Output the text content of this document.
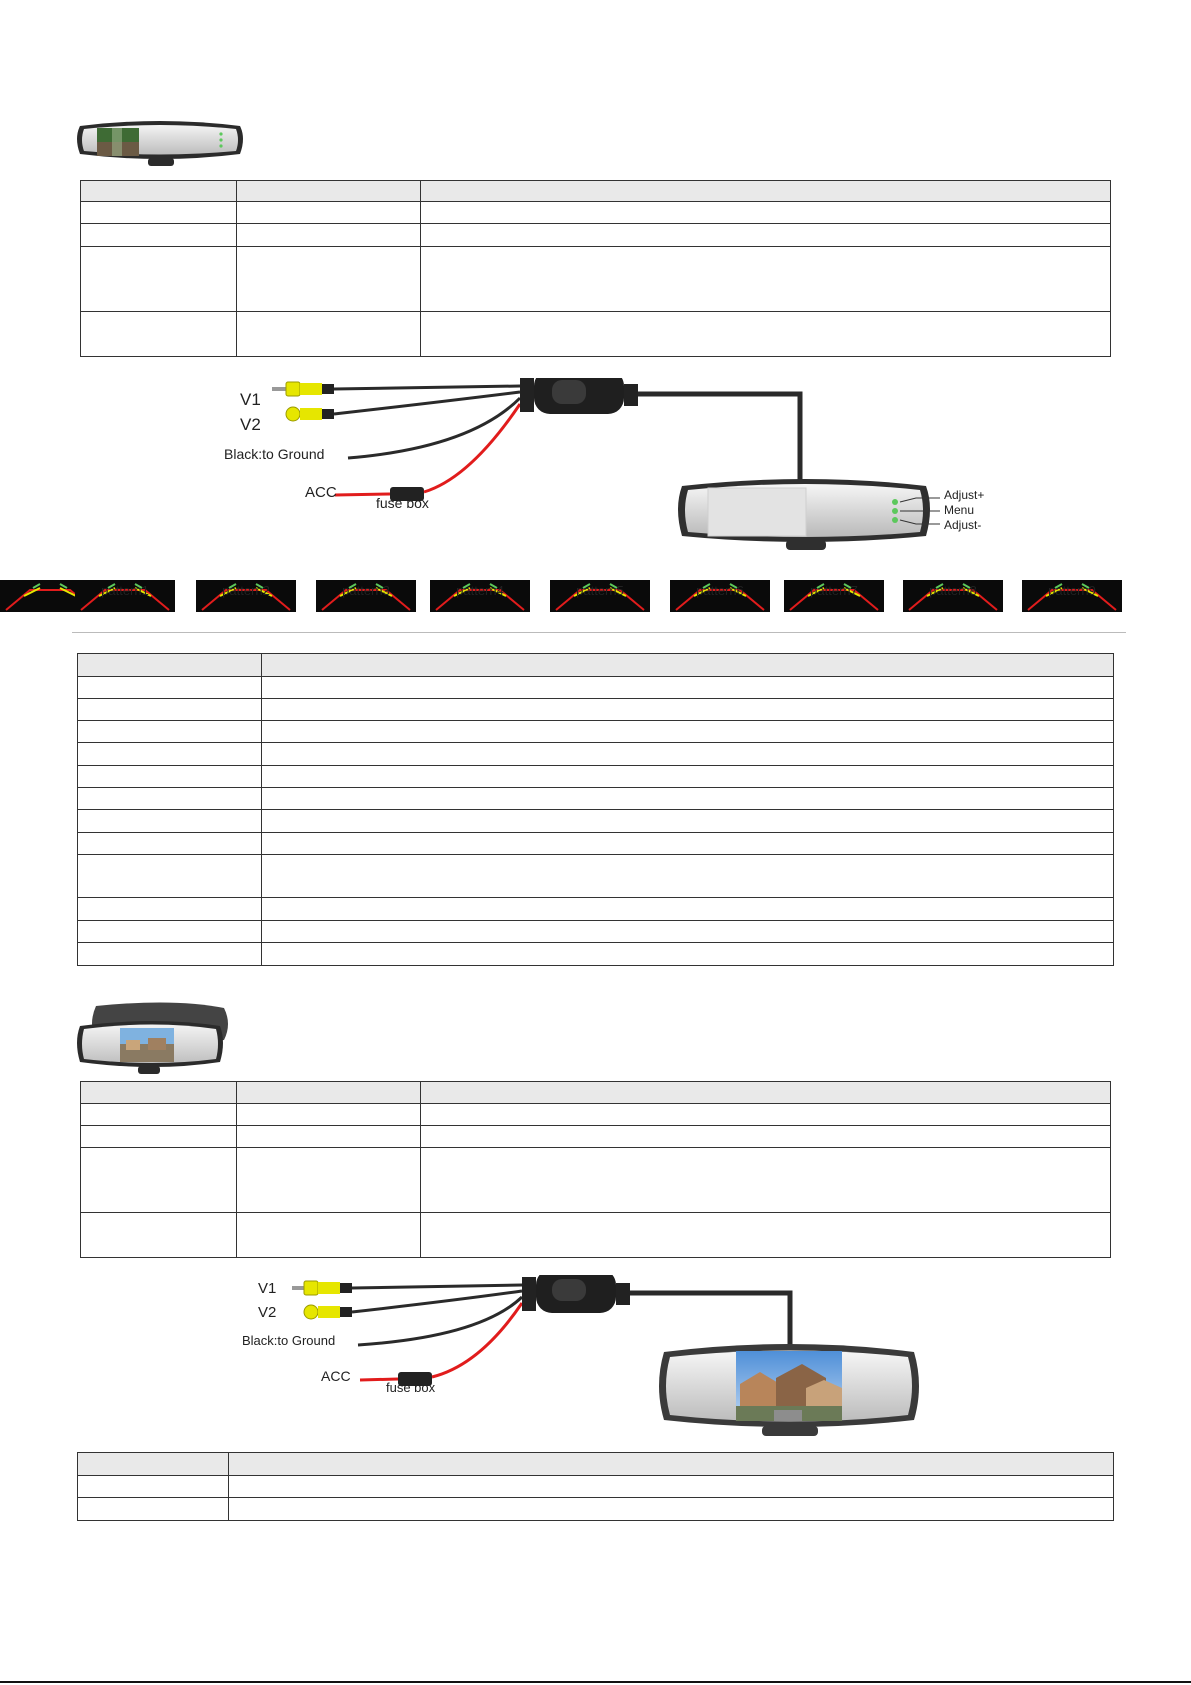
V1
V2
Black:to Ground
ACC
fuse box	Adjust+
Menu
Adjust-
pattern1	pattern2	pattern3	pattern4	pattern5	pattern6	pattern7	pattern8	pattern9

V1
V2
Black:to Ground
ACC
fuse box
